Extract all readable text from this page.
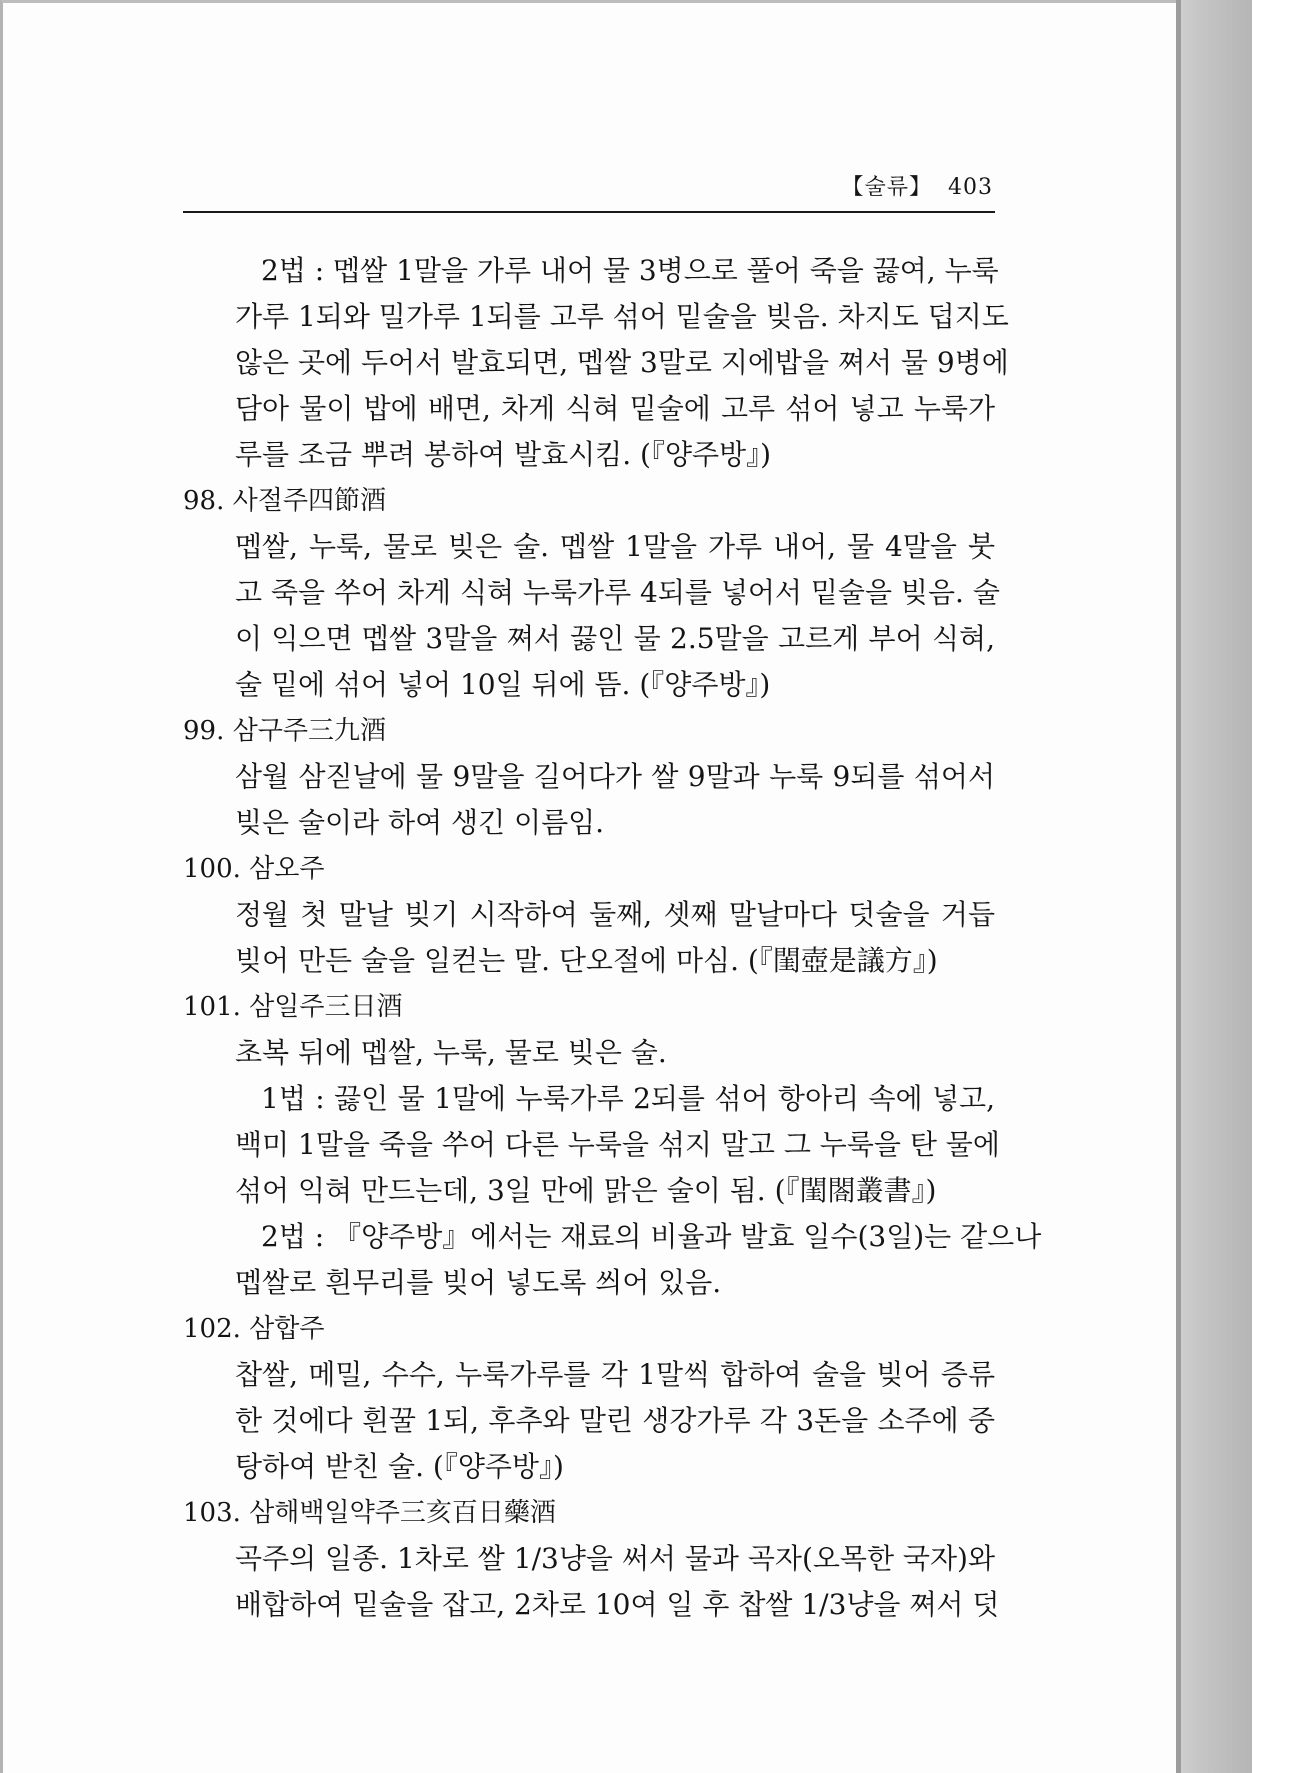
【술류】 403
2법 : 멥쌀 1말을 가루 내어 물 3병으로 풀어 죽을 끓여, 누룩
가루 1되와 밀가루 1되를 고루 섞어 밑술을 빚음. 차지도 덥지도
않은 곳에 두어서 발효되면, 멥쌀 3말로 지에밥을 쪄서 물 9병에
담아 물이 밥에 배면, 차게 식혀 밑술에 고루 섞어 넣고 누룩가
루를 조금 뿌려 봉하여 발효시킴. (『양주방』)
98. 사절주四節酒
멥쌀, 누룩, 물로 빚은 술. 멥쌀 1말을 가루 내어, 물 4말을 붓
고 죽을 쑤어 차게 식혀 누룩가루 4되를 넣어서 밑술을 빚음. 술
이 익으면 멥쌀 3말을 쪄서 끓인 물 2.5말을 고르게 부어 식혀,
술 밑에 섞어 넣어 10일 뒤에 뜸. (『양주방』)
99. 삼구주三九酒
삼월 삼짇날에 물 9말을 길어다가 쌀 9말과 누룩 9되를 섞어서
빚은 술이라 하여 생긴 이름임.
100. 삼오주
정월 첫 말날 빚기 시작하여 둘째, 셋째 말날마다 덧술을 거듭
빚어 만든 술을 일컫는 말. 단오절에 마심. (『閨壺是議方』)
101. 삼일주三日酒
초복 뒤에 멥쌀, 누룩, 물로 빚은 술.
1법 : 끓인 물 1말에 누룩가루 2되를 섞어 항아리 속에 넣고,
백미 1말을 죽을 쑤어 다른 누룩을 섞지 말고 그 누룩을 탄 물에
섞어 익혀 만드는데, 3일 만에 맑은 술이 됨. (『閨閤叢書』)
2법 : 『양주방』에서는 재료의 비율과 발효 일수(3일)는 같으나
멥쌀로 흰무리를 빚어 넣도록 씌어 있음.
102. 삼합주
찹쌀, 메밀, 수수, 누룩가루를 각 1말씩 합하여 술을 빚어 증류
한 것에다 흰꿀 1되, 후추와 말린 생강가루 각 3돈을 소주에 중
탕하여 받친 술. (『양주방』)
103. 삼해백일약주三亥百日藥酒
곡주의 일종. 1차로 쌀 1/3냥을 써서 물과 곡자(오목한 국자)와
배합하여 밑술을 잡고, 2차로 10여 일 후 찹쌀 1/3냥을 쪄서 덧
